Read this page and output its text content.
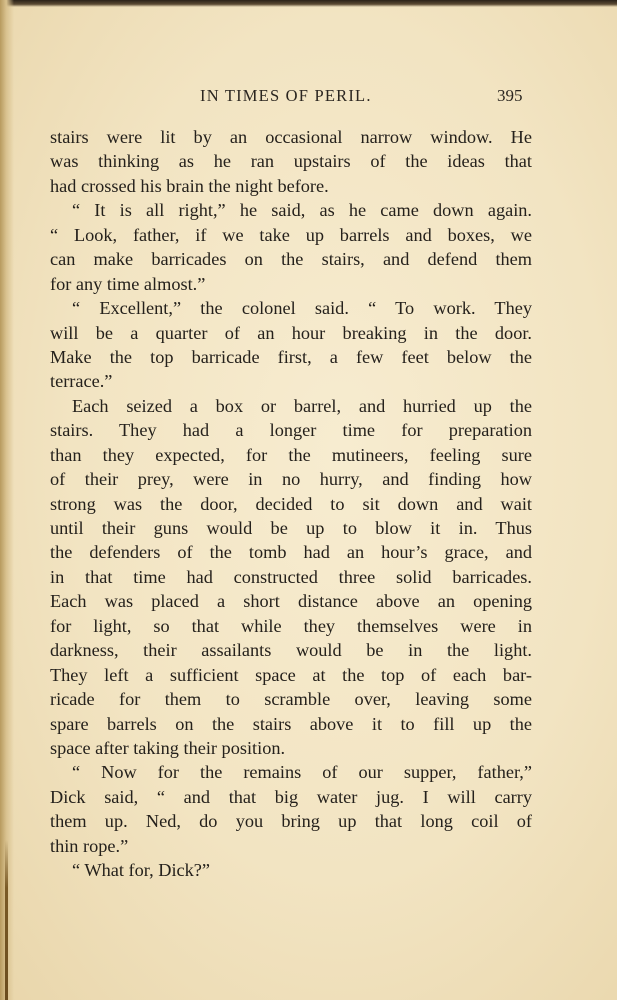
IN TIMES OF PERIL.	395
stairs were lit by an occasional narrow window. He
was thinking as he ran upstairs of the ideas that
had crossed his brain the night before.
“ It is all right,” he said, as he came down again.
“ Look, father, if we take up barrels and boxes, we
can make barricades on the stairs, and defend them
for any time almost.”
“ Excellent,” the colonel said. “ To work. They
will be a quarter of an hour breaking in the door.
Make the top barricade first, a few feet below the
terrace.”
Each seized a box or barrel, and hurried up the
stairs. They had a longer time for preparation
than they expected, for the mutineers, feeling sure
of their prey, were in no hurry, and finding how
strong was the door, decided to sit down and wait
until their guns would be up to blow it in. Thus
the defenders of the tomb had an hour’s grace, and
in that time had constructed three solid barricades.
Each was placed a short distance above an opening
for light, so that while they themselves were in
darkness, their assailants would be in the light.
They left a sufficient space at the top of each bar-
ricade for them to scramble over, leaving some
spare barrels on the stairs above it to fill up the
space after taking their position.
“ Now for the remains of our supper, father,”
Dick said, “ and that big water jug. I will carry
them up. Ned, do you bring up that long coil of
thin rope.”
“ What for, Dick?”
